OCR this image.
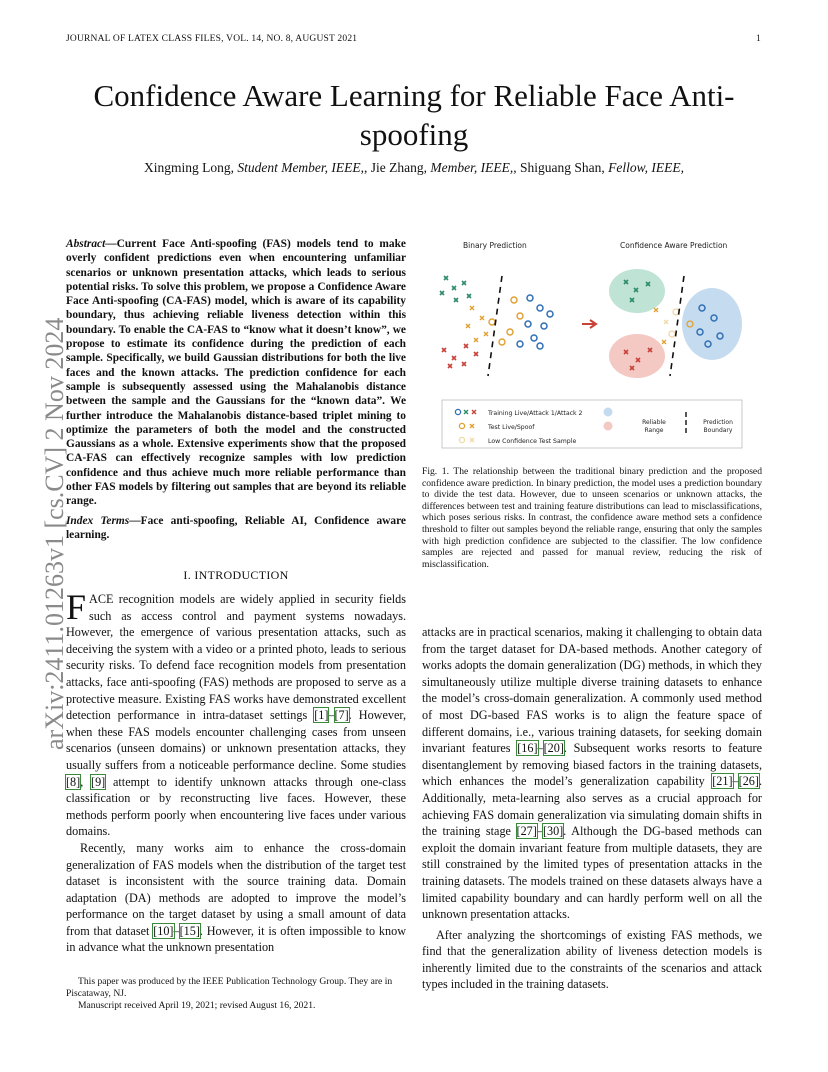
JOURNAL OF LATEX CLASS FILES, VOL. 14, NO. 8, AUGUST 2021	1
Confidence Aware Learning for Reliable Face Anti-spoofing
Xingming Long, Student Member, IEEE,, Jie Zhang, Member, IEEE,, Shiguang Shan, Fellow, IEEE,
arXiv:2411.01263v1 [cs.CV] 2 Nov 2024
Abstract—Current Face Anti-spoofing (FAS) models tend to make overly confident predictions even when encountering unfamiliar scenarios or unknown presentation attacks, which leads to serious potential risks. To solve this problem, we propose a Confidence Aware Face Anti-spoofing (CA-FAS) model, which is aware of its capability boundary, thus achieving reliable liveness detection within this boundary. To enable the CA-FAS to “know what it doesn’t know”, we propose to estimate its confidence during the prediction of each sample. Specifically, we build Gaussian distributions for both the live faces and the known attacks. The prediction confidence for each sample is subsequently assessed using the Mahalanobis distance between the sample and the Gaussians for the “known data”. We further introduce the Mahalanobis distance-based triplet mining to optimize the parameters of both the model and the constructed Gaussians as a whole. Extensive experiments show that the proposed CA-FAS can effectively recognize samples with low prediction confidence and thus achieve much more reliable performance than other FAS models by filtering out samples that are beyond its reliable range.
Index Terms—Face anti-spoofing, Reliable AI, Confidence aware learning.
I. INTRODUCTION

FACE recognition models are widely applied in security fields such as access control and payment systems nowadays. However, the emergence of various presentation attacks, such as deceiving the system with a video or a printed photo, leads to serious security risks. To defend face recognition models from presentation attacks, face anti-spoofing (FAS) methods are proposed to serve as a protective measure. Existing FAS works have demonstrated excellent detection performance in intra-dataset settings [1]–[7]. However, when these FAS models encounter challenging cases from unseen scenarios (unseen domains) or unknown presentation attacks, they usually suffers from a noticeable performance decline. Some studies [8], [9] attempt to identify unknown attacks through one-class classification or by reconstructing live faces. However, these methods perform poorly when encountering live faces under various domains.

Recently, many works aim to enhance the cross-domain generalization of FAS models when the distribution of the target test dataset is inconsistent with the source training data. Domain adaptation (DA) methods are adopted to improve the model’s performance on the target dataset by using a small amount of data from that dataset [10]–[15]. However, it is often impossible to know in advance what the unknown presentation

This paper was produced by the IEEE Publication Technology Group. They are in Piscataway, NJ.

Manuscript received April 19, 2021; revised August 16, 2021.

Binary Prediction	Confidence Aware Prediction
Training Live/Attack 1/Attack 2
Test Live/Spoof
Low Confidence Test Sample
Reliable
Range
Prediction
Boundary
Fig. 1. The relationship between the traditional binary prediction and the proposed confidence aware prediction. In binary prediction, the model uses a prediction boundary to divide the test data. However, due to unseen scenarios or unknown attacks, the differences between test and training feature distributions can lead to misclassifications, which poses serious risks. In contrast, the confidence aware method sets a confidence threshold to filter out samples beyond the reliable range, ensuring that only the samples with high prediction confidence are subjected to the classifier. The low confidence samples are rejected and passed for manual review, reducing the risk of misclassification.

attacks are in practical scenarios, making it challenging to obtain data from the target dataset for DA-based methods. Another category of works adopts the domain generalization (DG) methods, in which they simultaneously utilize multiple diverse training datasets to enhance the model’s cross-domain generalization. A commonly used method of most DG-based FAS works is to align the feature space of different domains, i.e., various training datasets, for seeking domain invariant features [16]–[20]. Subsequent works resorts to feature disentanglement by removing biased factors in the training datasets, which enhances the model’s generalization capability [21]–[26]. Additionally, meta-learning also serves as a crucial approach for achieving FAS domain generalization via simulating domain shifts in the training stage [27]–[30]. Although the DG-based methods can exploit the domain invariant feature from multiple datasets, they are still constrained by the limited types of presentation attacks in the training datasets. The models trained on these datasets always have a limited capability boundary and can hardly perform well on all the unknown presentation attacks.

After analyzing the shortcomings of existing FAS methods, we find that the generalization ability of liveness detection models is inherently limited due to the constraints of the scenarios and attack types included in the training datasets.
